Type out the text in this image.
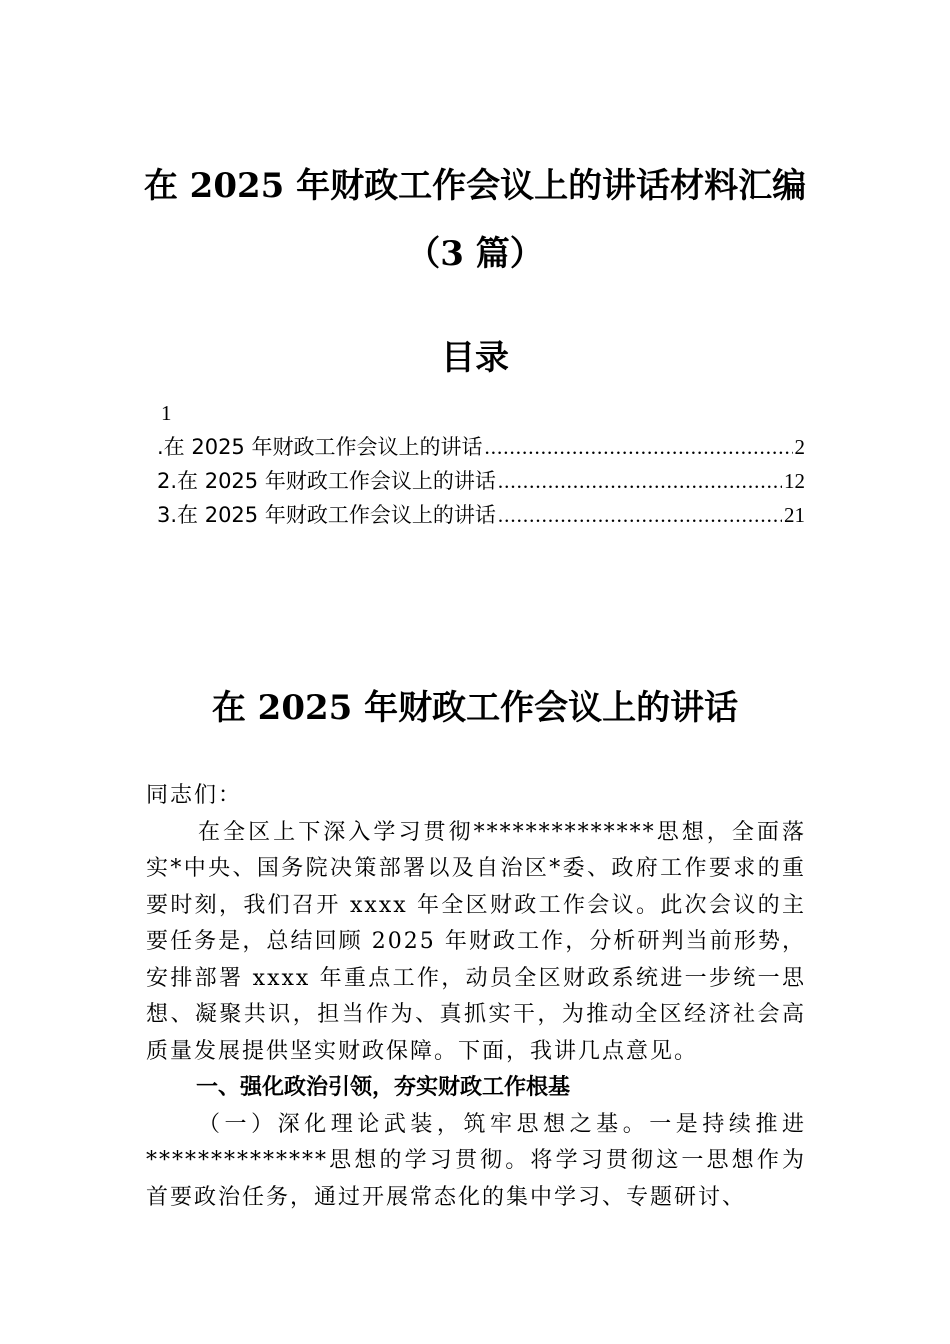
在 2025 年财政工作会议上的讲话材料汇编
（3 篇）
目录
1
.在 2025 年财政工作会议上的讲话 .....	2
2.在 2025 年财政工作会议上的讲话 .....	12
3.在 2025 年财政工作会议上的讲话 .....	21
在 2025 年财政工作会议上的讲话

同志们：

在全区上下深入学习贯彻**************思想，全面落实*中央、国务院决策部署以及自治区*委、政府工作要求的重要时刻，我们召开 xxxx 年全区财政工作会议。此次会议的主要任务是，总结回顾 2025 年财政工作，分析研判当前形势，安排部署 xxxx 年重点工作，动员全区财政系统进一步统一思想、凝聚共识，担当作为、真抓实干，为推动全区经济社会高质量发展提供坚实财政保障。下面，我讲几点意见。

一、强化政治引领，夯实财政工作根基

（一）深化理论武装，筑牢思想之基。一是持续推进**************思想的学习贯彻。将学习贯彻这一思想作为首要政治任务，通过开展常态化的集中学习、专题研讨、
